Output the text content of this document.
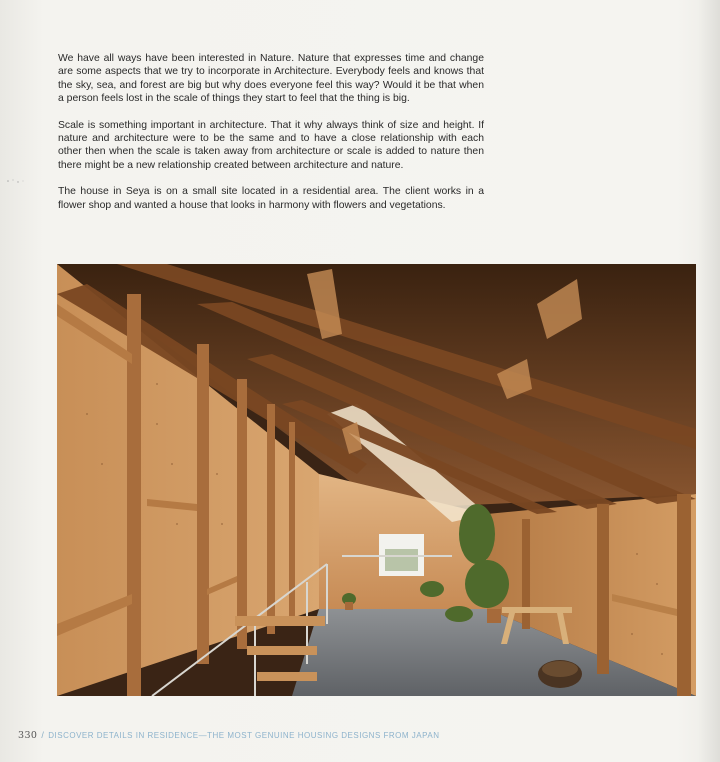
We have all ways have been interested in Nature. Nature that expresses time and change are some aspects that we try to incorporate in Architecture. Everybody feels and knows that the sky, sea, and forest are big but why does everyone feel this way? Would it be that when a person feels lost in the scale of things they start to feel that the thing is big.

Scale is something important in architecture. That it why always think of size and height. If nature and architecture were to be the same and to have a close relationship with each other then when the scale is taken away from architecture or scale is added to nature then there might be a new relationship created between architecture and nature.

The house in Seya is on a small site located in a residential area. The client works in a flower shop and wanted a house that looks in harmony with flowers and vegetations.

330 / DISCOVER DETAILS IN RESIDENCE—THE MOST GENUINE HOUSING DESIGNS FROM JAPAN
